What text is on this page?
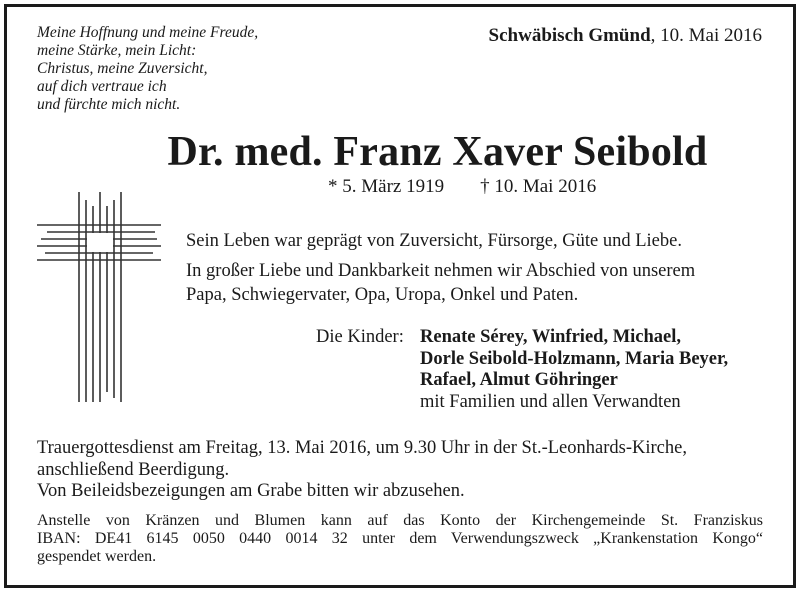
Meine Hoffnung und meine Freude,
meine Stärke, mein Licht:
Christus, meine Zuversicht,
auf dich vertraue ich
und fürchte mich nicht.
Schwäbisch Gmünd, 10. Mai 2016
Dr. med. Franz Xaver Seibold
* 5. März 1919 † 10. Mai 2016
Sein Leben war geprägt von Zuversicht, Fürsorge, Güte und Liebe.
In großer Liebe und Dankbarkeit nehmen wir Abschied von unserem
Papa, Schwiegervater, Opa, Uropa, Onkel und Paten.
Die Kinder: Renate Sérey, Winfried, Michael,
Dorle Seibold-Holzmann, Maria Beyer,
Rafael, Almut Göhringer
mit Familien und allen Verwandten
Trauergottesdienst am Freitag, 13. Mai 2016, um 9.30 Uhr in der St.-Leonhards-Kirche,
anschließend Beerdigung.
Von Beileidsbezeigungen am Grabe bitten wir abzusehen.
Anstelle von Kränzen und Blumen kann auf das Konto der Kirchengemeinde St. Franziskus
IBAN: DE41 6145 0050 0440 0014 32 unter dem Verwendungszweck „Krankenstation Kongo“
gespendet werden.
